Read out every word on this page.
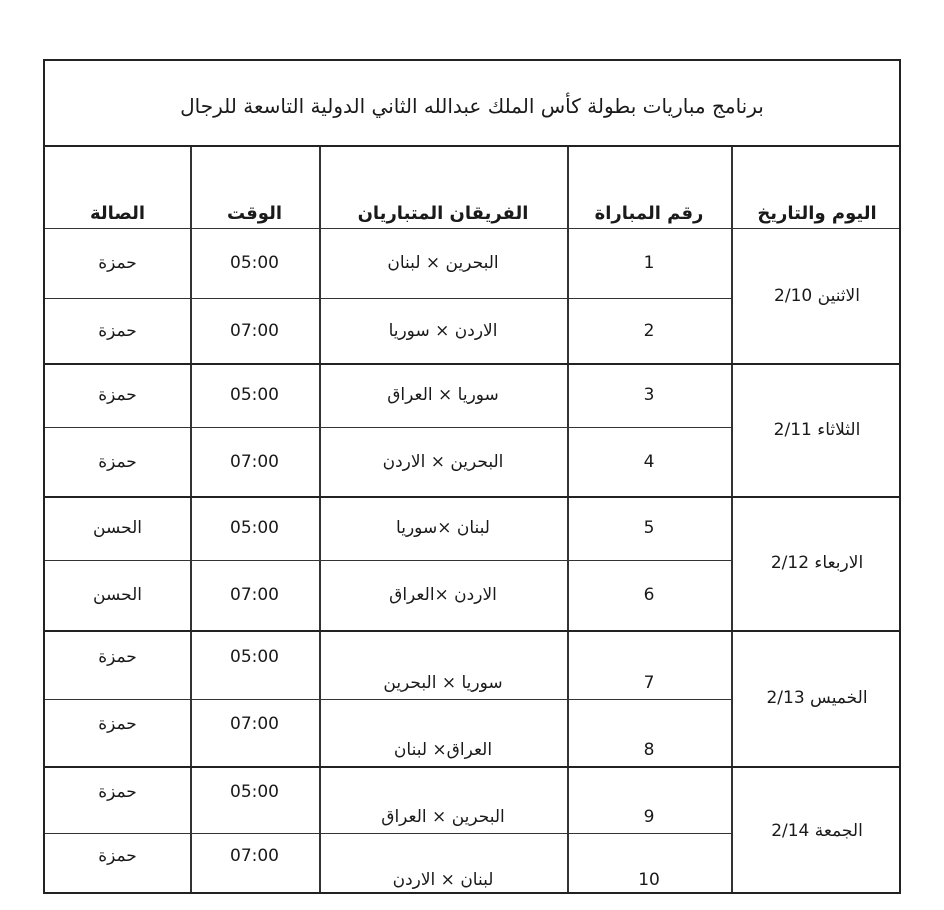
برنامج مباريات بطولة كأس الملك عبدالله الثاني الدولية التاسعة للرجال
اليوم والتاريخ
رقم المباراة
الفريقان المتباريان
الوقت
الصالة
الاثنين 2/10
الثلاثاء 2/11
الاربعاء 2/12
الخميس 2/13
الجمعة 2/14
1
البحرين × لبنان
05:00
حمزة
2
الاردن × سوريا
07:00
حمزة
3
سوريا × العراق
05:00
حمزة
4
البحرين × الاردن
07:00
حمزة
5
لبنان ×سوريا
05:00
الحسن
6
الاردن ×العراق
07:00
الحسن
7
سوريا × البحرين
05:00
حمزة
8
العراق× لبنان
07:00
حمزة
9
البحرين × العراق
05:00
حمزة
10
لبنان × الاردن
07:00
حمزة
